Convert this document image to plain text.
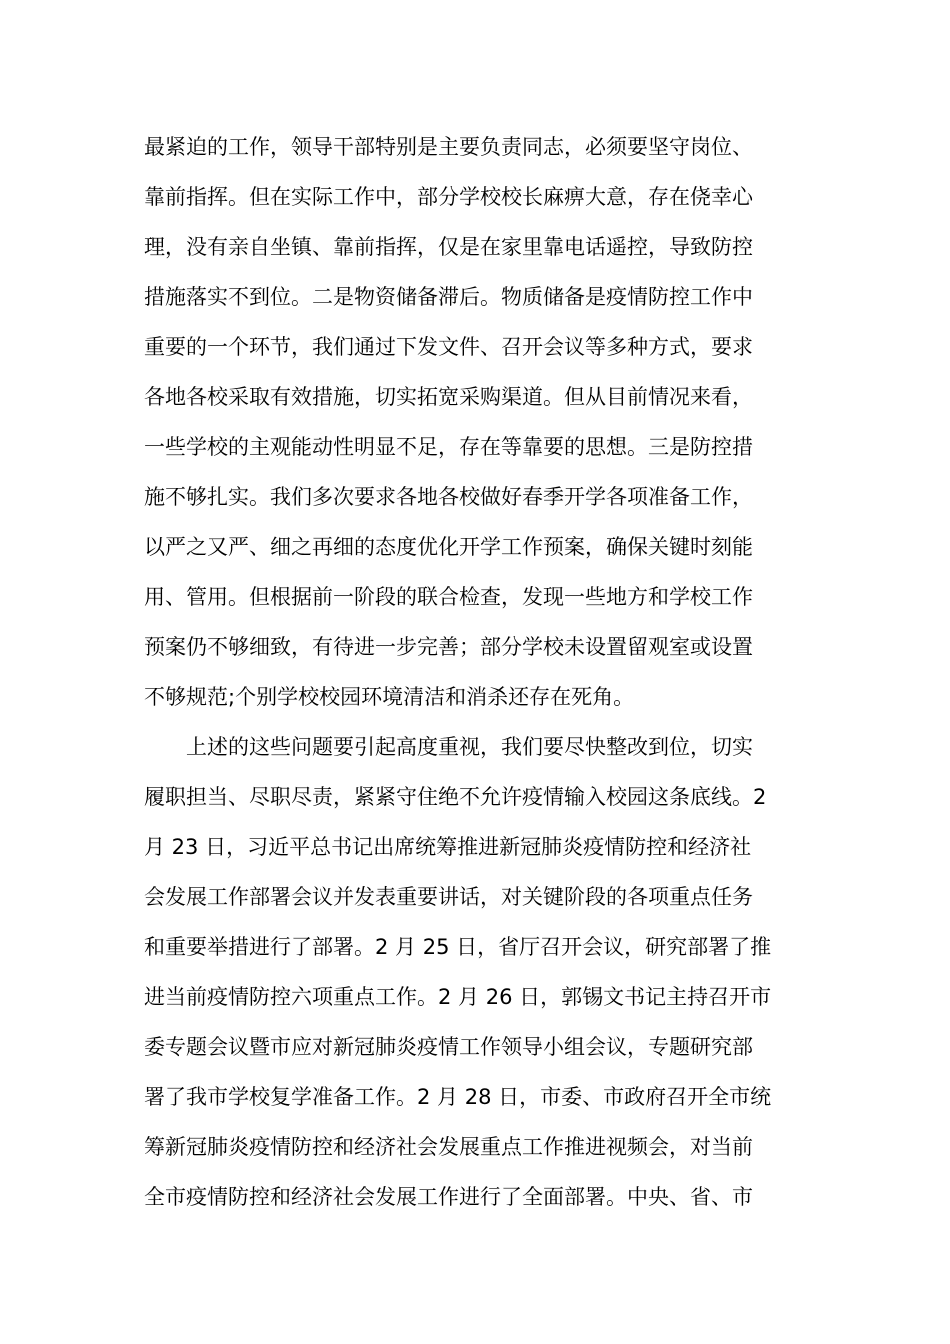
最紧迫的工作，领导干部特别是主要负责同志，必须要坚守岗位、
靠前指挥。但在实际工作中，部分学校校长麻痹大意，存在侥幸心
理，没有亲自坐镇、靠前指挥，仅是在家里靠电话遥控，导致防控
措施落实不到位。二是物资储备滞后。物质储备是疫情防控工作中
重要的一个环节，我们通过下发文件、召开会议等多种方式，要求
各地各校采取有效措施，切实拓宽采购渠道。但从目前情况来看，
一些学校的主观能动性明显不足，存在等靠要的思想。三是防控措
施不够扎实。我们多次要求各地各校做好春季开学各项准备工作，
以严之又严、细之再细的态度优化开学工作预案，确保关键时刻能
用、管用。但根据前一阶段的联合检查，发现一些地方和学校工作
预案仍不够细致，有待进一步完善；部分学校未设置留观室或设置
不够规范;个别学校校园环境清洁和消杀还存在死角。
上述的这些问题要引起高度重视，我们要尽快整改到位，切实
履职担当、尽职尽责，紧紧守住绝不允许疫情输入校园这条底线。2
月 23 日，习近平总书记出席统筹推进新冠肺炎疫情防控和经济社
会发展工作部署会议并发表重要讲话，对关键阶段的各项重点任务
和重要举措进行了部署。2 月 25 日，省厅召开会议，研究部署了推
进当前疫情防控六项重点工作。2 月 26 日，郭锡文书记主持召开市
委专题会议暨市应对新冠肺炎疫情工作领导小组会议，专题研究部
署了我市学校复学准备工作。2 月 28 日，市委、市政府召开全市统
筹新冠肺炎疫情防控和经济社会发展重点工作推进视频会，对当前
全市疫情防控和经济社会发展工作进行了全面部署。中央、省、市
